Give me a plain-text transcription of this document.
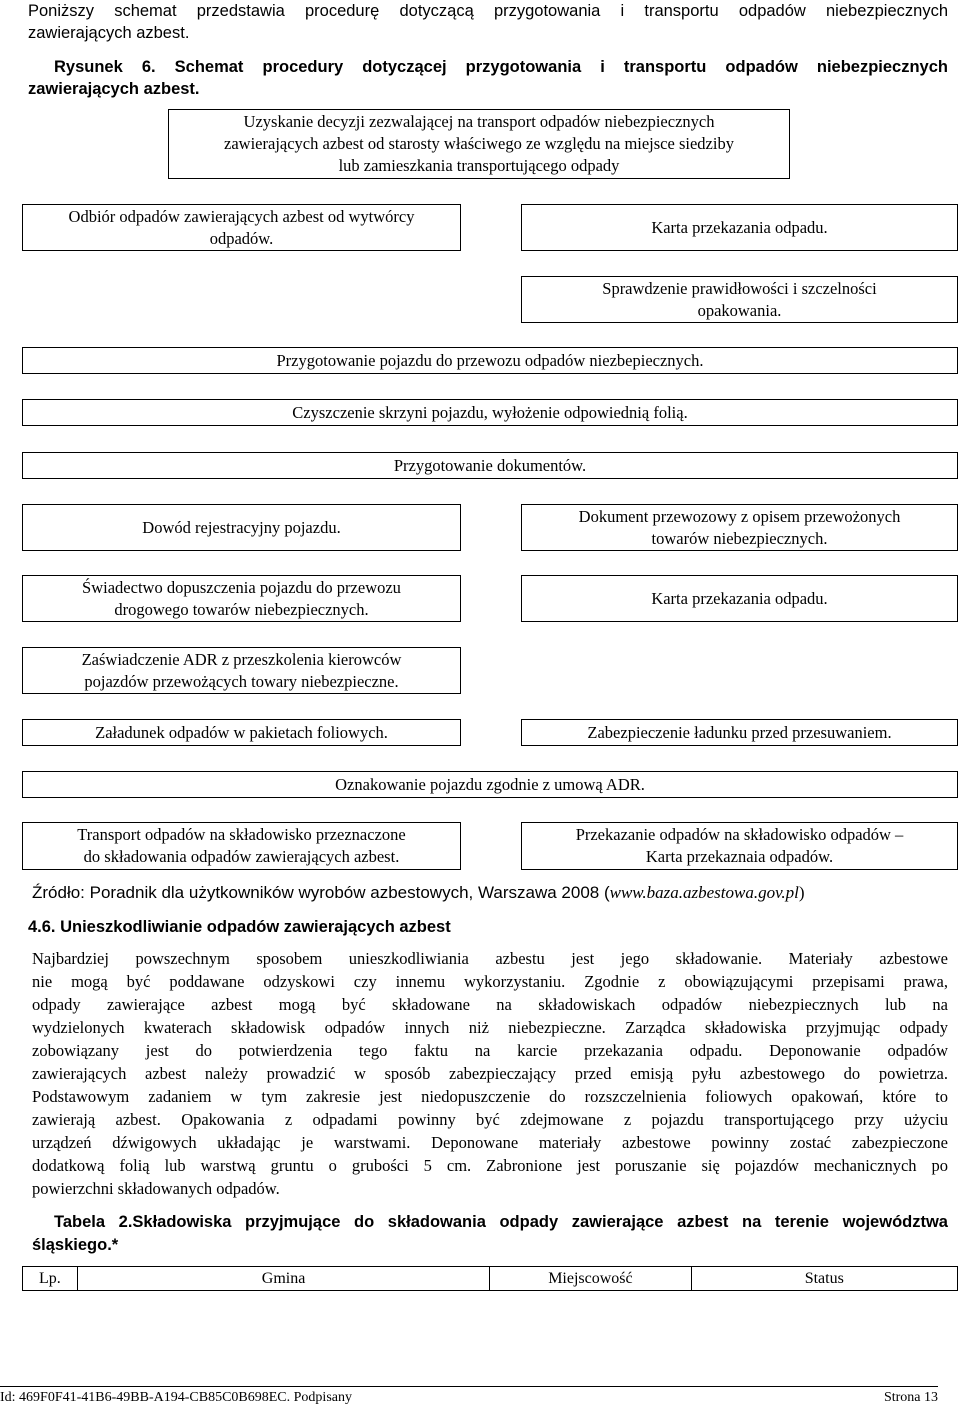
Poniższy schemat przedstawia procedurę dotyczącą przygotowania i transportu odpadów niebezpiecznych
zawierających azbest.
Rysunek 6. Schemat procedury dotyczącej przygotowania i transportu odpadów niebezpiecznych
zawierających azbest.
Uzyskanie decyzji zezwalającej na transport odpadów niebezpiecznych
zawierających azbest od starosty właściwego ze względu na miejsce siedziby
lub zamieszkania transportującego odpady
Odbiór odpadów zawierających azbest od wytwórcy
odpadów.
Karta przekazania odpadu.
Sprawdzenie prawidłowości i szczelności
opakowania.
Przygotowanie pojazdu do przewozu odpadów niezbepiecznych.
Czyszczenie skrzyni pojazdu, wyłożenie odpowiednią folią.
Przygotowanie dokumentów.
Dowód rejestracyjny pojazdu.
Dokument przewozowy z opisem przewożonych
towarów niebezpiecznych.
Świadectwo dopuszczenia pojazdu do przewozu
drogowego towarów niebezpiecznych.
Karta przekazania odpadu.
Zaświadczenie ADR z przeszkolenia kierowców
pojazdów przewożących towary niebezpieczne.
Załadunek odpadów w pakietach foliowych.	Zabezpieczenie ładunku przed przesuwaniem.
Oznakowanie pojazdu zgodnie z umową ADR.
Transport odpadów na składowisko przeznaczone
do składowania odpadów zawierających azbest.
Przekazanie odpadów na składowisko odpadów –
Karta przekaznaia odpadów.
Źródło: Poradnik dla użytkowników wyrobów azbestowych, Warszawa 2008 (www.baza.azbestowa.gov.pl)
4.6. Unieszkodliwianie odpadów zawierających azbest
Najbardziej powszechnym sposobem unieszkodliwiania azbestu jest jego składowanie. Materiały azbestowe
nie mogą być poddawane odzyskowi czy innemu wykorzystaniu. Zgodnie z obowiązującymi przepisami prawa,
odpady zawierające azbest mogą być składowane na składowiskach odpadów niebezpiecznych lub na
wydzielonych kwaterach składowisk odpadów innych niż niebezpieczne. Zarządca składowiska przyjmując odpady
zobowiązany jest do potwierdzenia tego faktu na karcie przekazania odpadu. Deponowanie odpadów
zawierających azbest należy prowadzić w sposób zabezpieczający przed emisją pyłu azbestowego do powietrza.
Podstawowym zadaniem w tym zakresie jest niedopuszczenie do rozszczelnienia foliowych opakowań, które to
zawierają azbest. Opakowania z odpadami powinny być zdejmowane z pojazdu transportującego przy użyciu
urządzeń dźwigowych układając je warstwami. Deponowane materiały azbestowe powinny zostać zabezpieczone
dodatkową folią lub warstwą gruntu o grubości 5 cm. Zabronione jest poruszanie się pojazdów mechanicznych po
powierzchni składowanych odpadów.
Tabela 2.Składowiska przyjmujące do składowania odpady zawierające azbest na terenie województwa
śląskiego.*
Lp.	Gmina	Miejscowość	Status
Id: 469F0F41-41B6-49BB-A194-CB85C0B698EC. Podpisany	Strona 13
